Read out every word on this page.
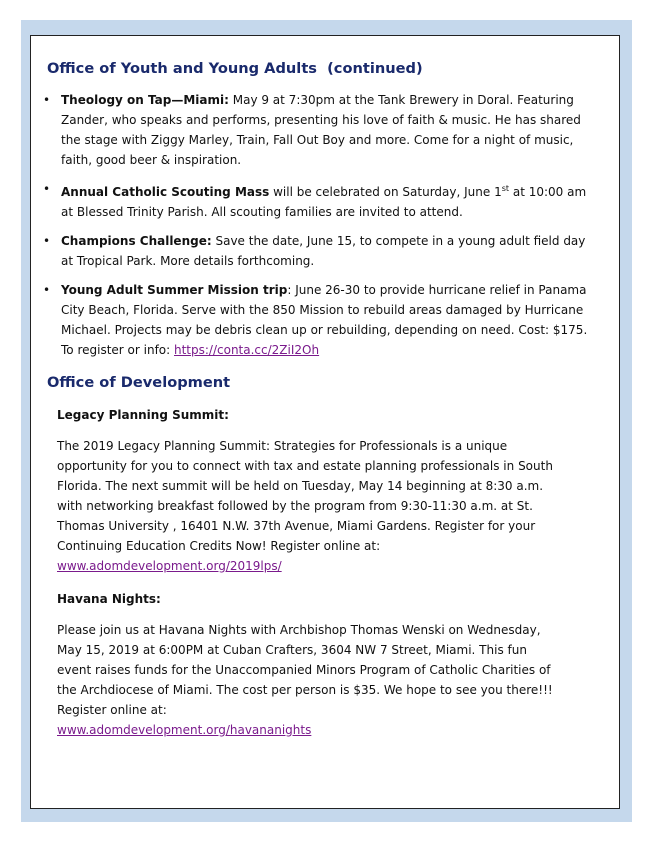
Office of Youth and Young Adults  (continued)
• Theology on Tap—Miami: May 9 at 7:30pm at the Tank Brewery in Doral. Featuring Zander, who speaks and performs, presenting his love of faith & music. He has shared the stage with Ziggy Marley, Train, Fall Out Boy and more. Come for a night of music, faith, good beer & inspiration.
• Annual Catholic Scouting Mass will be celebrated on Saturday, June 1st at 10:00 am at Blessed Trinity Parish. All scouting families are invited to attend.
• Champions Challenge: Save the date, June 15, to compete in a young adult field day at Tropical Park. More details forthcoming.
• Young Adult Summer Mission trip: June 26-30 to provide hurricane relief in Panama City Beach, Florida. Serve with the 850 Mission to rebuild areas damaged by Hurricane Michael. Projects may be debris clean up or rebuilding, depending on need. Cost: $175. To register or info: https://conta.cc/2ZiI2Oh
Office of Development
Legacy Planning Summit:
The 2019 Legacy Planning Summit: Strategies for Professionals is a unique opportunity for you to connect with tax and estate planning professionals in South Florida. The next summit will be held on Tuesday, May 14 beginning at 8:30 a.m. with networking breakfast followed by the program from 9:30-11:30 a.m. at St. Thomas University , 16401 N.W. 37th Avenue, Miami Gardens. Register for your Continuing Education Credits Now! Register online at:
www.adomdevelopment.org/2019lps/
Havana Nights:
Please join us at Havana Nights with Archbishop Thomas Wenski on Wednesday, May 15, 2019 at 6:00PM at Cuban Crafters, 3604 NW 7 Street, Miami. This fun event raises funds for the Unaccompanied Minors Program of Catholic Charities of the Archdiocese of Miami. The cost per person is $35. We hope to see you there!!! Register online at:
www.adomdevelopment.org/havananights
